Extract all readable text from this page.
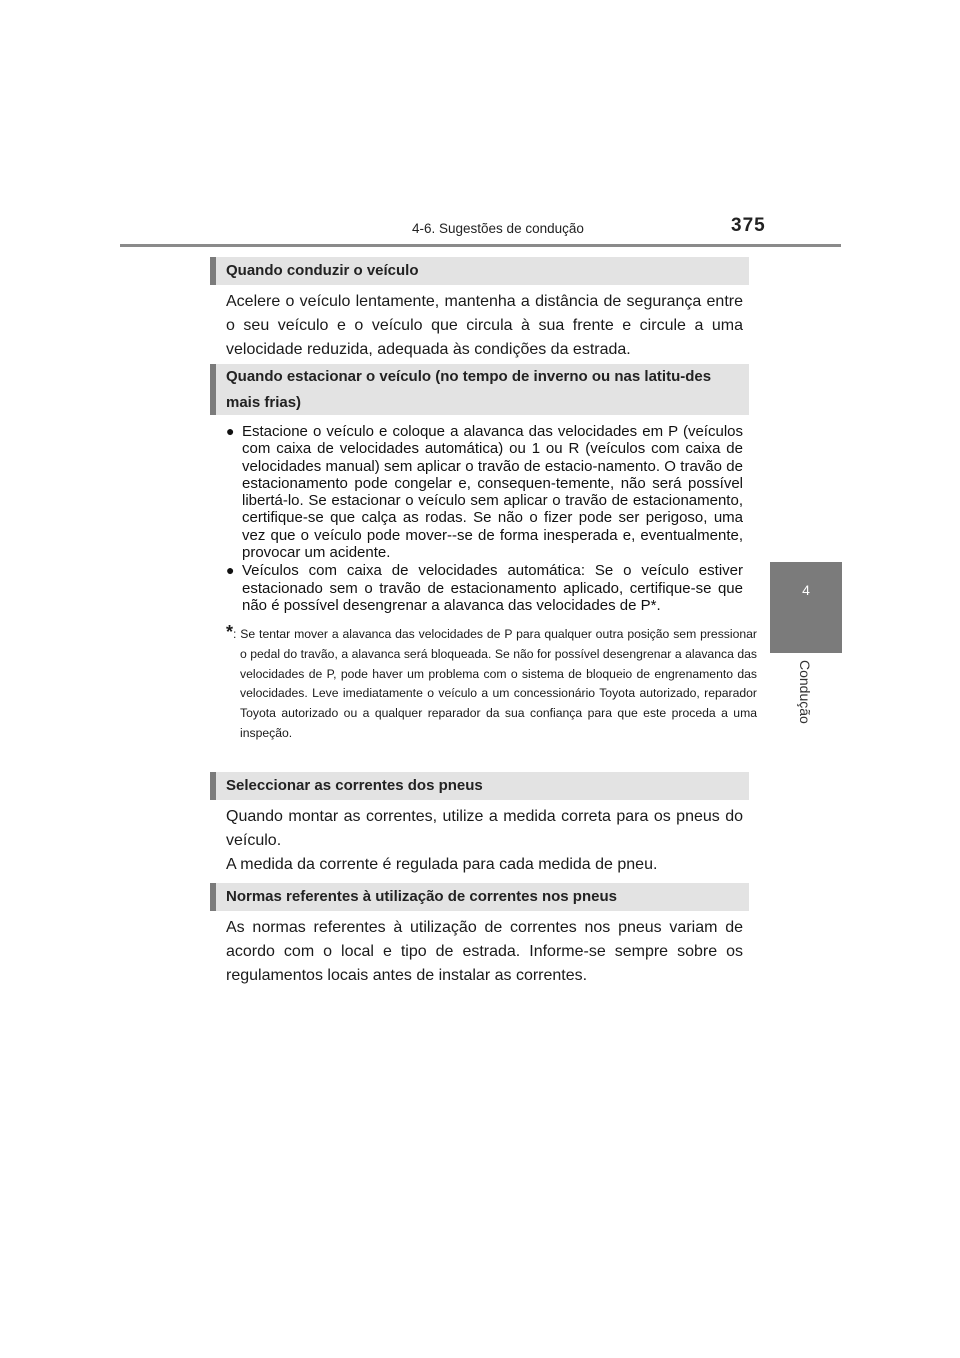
4-6. Sugestões de condução	375
4
Condução
Quando conduzir o veículo
Acelere o veículo lentamente, mantenha a distância de segurança entre o seu veículo e o veículo que circula à sua frente e circule a uma velocidade reduzida, adequada às condições da estrada.
Quando estacionar o veículo (no tempo de inverno ou nas latitu-des mais frias)
● Estacione o veículo e coloque a alavanca das velocidades em P (veículos com caixa de velocidades automática) ou 1 ou R (veículos com caixa de velocidades manual) sem aplicar o travão de estacio-namento. O travão de estacionamento pode congelar e, consequen-temente, não será possível libertá-lo. Se estacionar o veículo sem aplicar o travão de estacionamento, certifique-se que calça as rodas. Se não o fizer pode ser perigoso, uma vez que o veículo pode mover--se de forma inesperada e, eventualmente, provocar um acidente.
● Veículos com caixa de velocidades automática: Se o veículo estiver estacionado sem o travão de estacionamento aplicado, certifique-se que não é possível desengrenar a alavanca das velocidades de P*.
*: Se tentar mover a alavanca das velocidades de P para qualquer outra posição sem pressionar o pedal do travão, a alavanca será bloqueada. Se não for possível desengrenar a alavanca das velocidades de P, pode haver um problema com o sistema de bloqueio de engrenamento das velocidades. Leve imediatamente o veículo a um concessionário Toyota autorizado, reparador Toyota autorizado ou a qualquer reparador da sua confiança para que este proceda a uma inspeção.
Seleccionar as correntes dos pneus
Quando montar as correntes, utilize a medida correta para os pneus do veículo.
A medida da corrente é regulada para cada medida de pneu.
Normas referentes à utilização de correntes nos pneus
As normas referentes à utilização de correntes nos pneus variam de acordo com o local e tipo de estrada. Informe-se sempre sobre os regulamentos locais antes de instalar as correntes.
